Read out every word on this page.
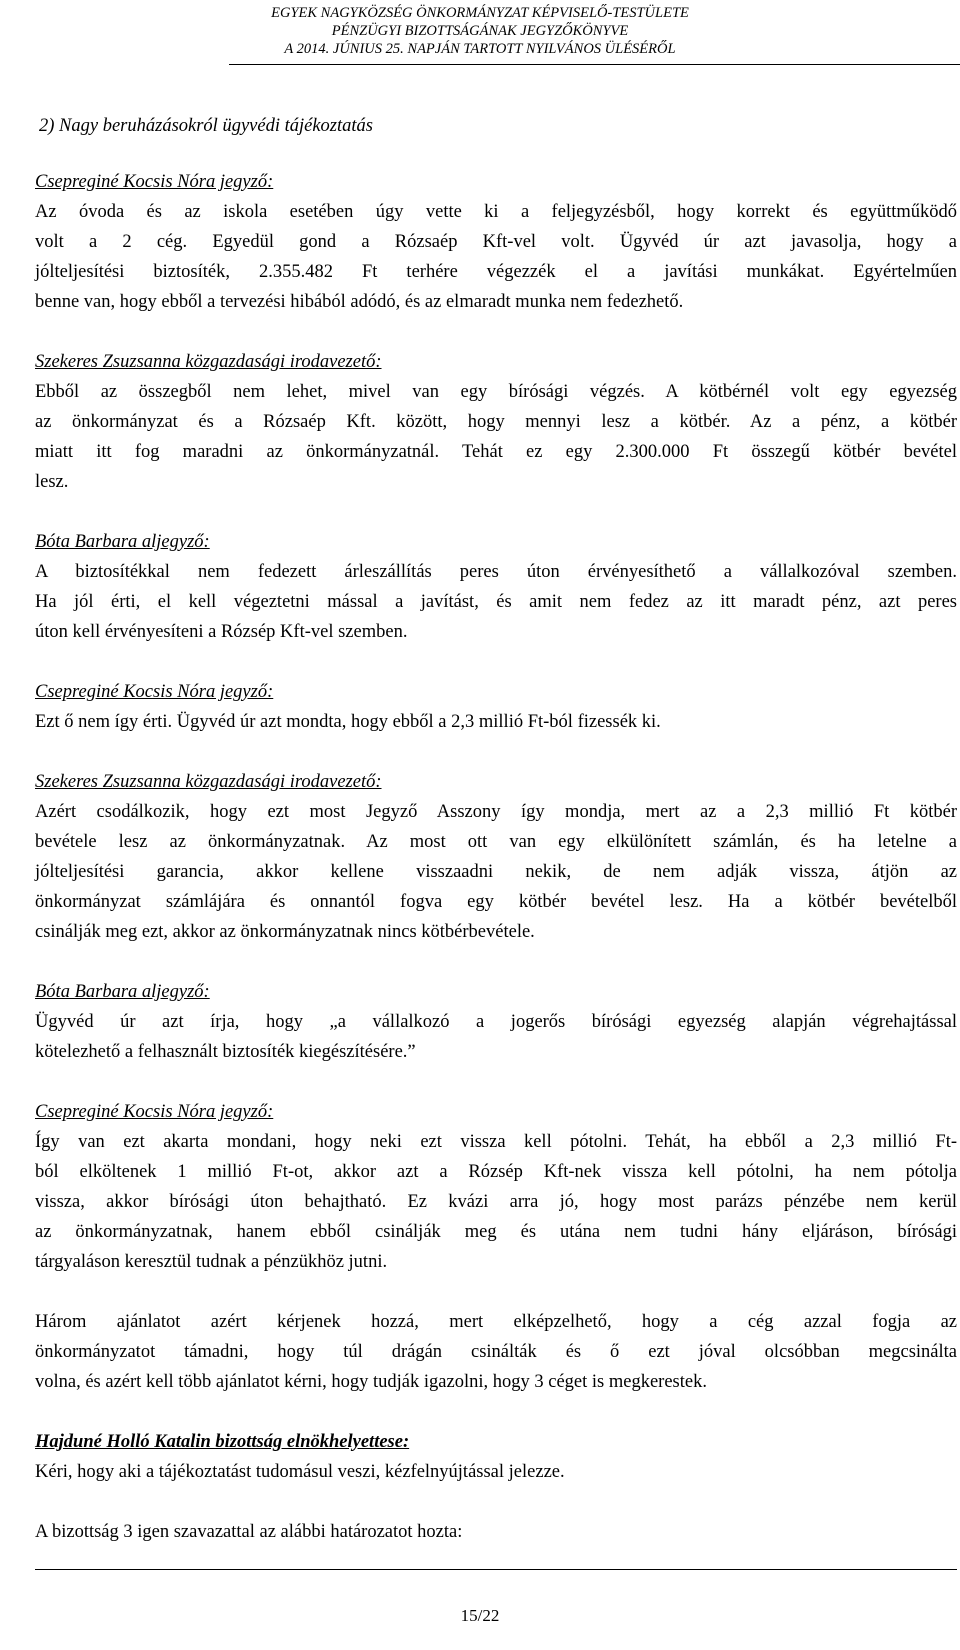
EGYEK NAGYKÖZSÉG ÖNKORMÁNYZAT KÉPVISELŐ-TESTÜLETE
PÉNZÜGYI BIZOTTSÁGÁNAK JEGYZŐKÖNYVE
A 2014. JÚNIUS 25. NAPJÁN TARTOTT NYILVÁNOS ÜLÉSÉRŐL
2) Nagy beruházásokról ügyvédi tájékoztatás
Csepreginé Kocsis Nóra jegyző:
Az óvoda és az iskola esetében úgy vette ki a feljegyzésből, hogy korrekt és együttműködő
volt a 2 cég. Egyedül gond a Rózsaép Kft-vel volt. Ügyvéd úr azt javasolja, hogy a
jólteljesítési biztosíték, 2.355.482 Ft terhére végezzék el a javítási munkákat. Egyértelműen
benne van, hogy ebből a tervezési hibából adódó, és az elmaradt munka nem fedezhető.
Szekeres Zsuzsanna közgazdasági irodavezető:
Ebből az összegből nem lehet, mivel van egy bírósági végzés. A kötbérnél volt egy egyezség
az önkormányzat és a Rózsaép Kft. között, hogy mennyi lesz a kötbér. Az a pénz, a kötbér
miatt itt fog maradni az önkormányzatnál. Tehát ez egy 2.300.000 Ft összegű kötbér bevétel
lesz.
Bóta Barbara aljegyző:
A biztosítékkal nem fedezett árleszállítás peres úton érvényesíthető a vállalkozóval szemben.
Ha jól érti, el kell végeztetni mással a javítást, és amit nem fedez az itt maradt pénz, azt peres
úton kell érvényesíteni a Rózsép Kft-vel szemben.
Csepreginé Kocsis Nóra jegyző:
Ezt ő nem így érti. Ügyvéd úr azt mondta, hogy ebből a 2,3 millió Ft-ból fizessék ki.
Szekeres Zsuzsanna közgazdasági irodavezető:
Azért csodálkozik, hogy ezt most Jegyző Asszony így mondja, mert az a 2,3 millió Ft kötbér
bevétele lesz az önkormányzatnak. Az most ott van egy elkülönített számlán, és ha letelne a
jólteljesítési garancia, akkor kellene visszaadni nekik, de nem adják vissza, átjön az
önkormányzat számlájára és onnantól fogva egy kötbér bevétel lesz. Ha a kötbér bevételből
csinálják meg ezt, akkor az önkormányzatnak nincs kötbérbevétele.
Bóta Barbara aljegyző:
Ügyvéd úr azt írja, hogy „a vállalkozó a jogerős bírósági egyezség alapján végrehajtással
kötelezhető a felhasznált biztosíték kiegészítésére.”
Csepreginé Kocsis Nóra jegyző:
Így van ezt akarta mondani, hogy neki ezt vissza kell pótolni. Tehát, ha ebből a 2,3 millió Ft-
ból elköltenek 1 millió Ft-ot, akkor azt a Rózsép Kft-nek vissza kell pótolni, ha nem pótolja
vissza, akkor bírósági úton behajtható. Ez kvázi arra jó, hogy most parázs pénzébe nem kerül
az önkormányzatnak, hanem ebből csinálják meg és utána nem tudni hány eljáráson, bírósági
tárgyaláson keresztül tudnak a pénzükhöz jutni.
Három ajánlatot azért kérjenek hozzá, mert elképzelhető, hogy a cég azzal fogja az
önkormányzatot támadni, hogy túl drágán csinálták és ő ezt jóval olcsóbban megcsinálta
volna, és azért kell több ajánlatot kérni, hogy tudják igazolni, hogy 3 céget is megkerestek.
Hajduné Holló Katalin bizottság elnökhelyettese:
Kéri, hogy aki a tájékoztatást tudomásul veszi, kézfelnyújtással jelezze.
A bizottság 3 igen szavazattal az alábbi határozatot hozta:
15/22
